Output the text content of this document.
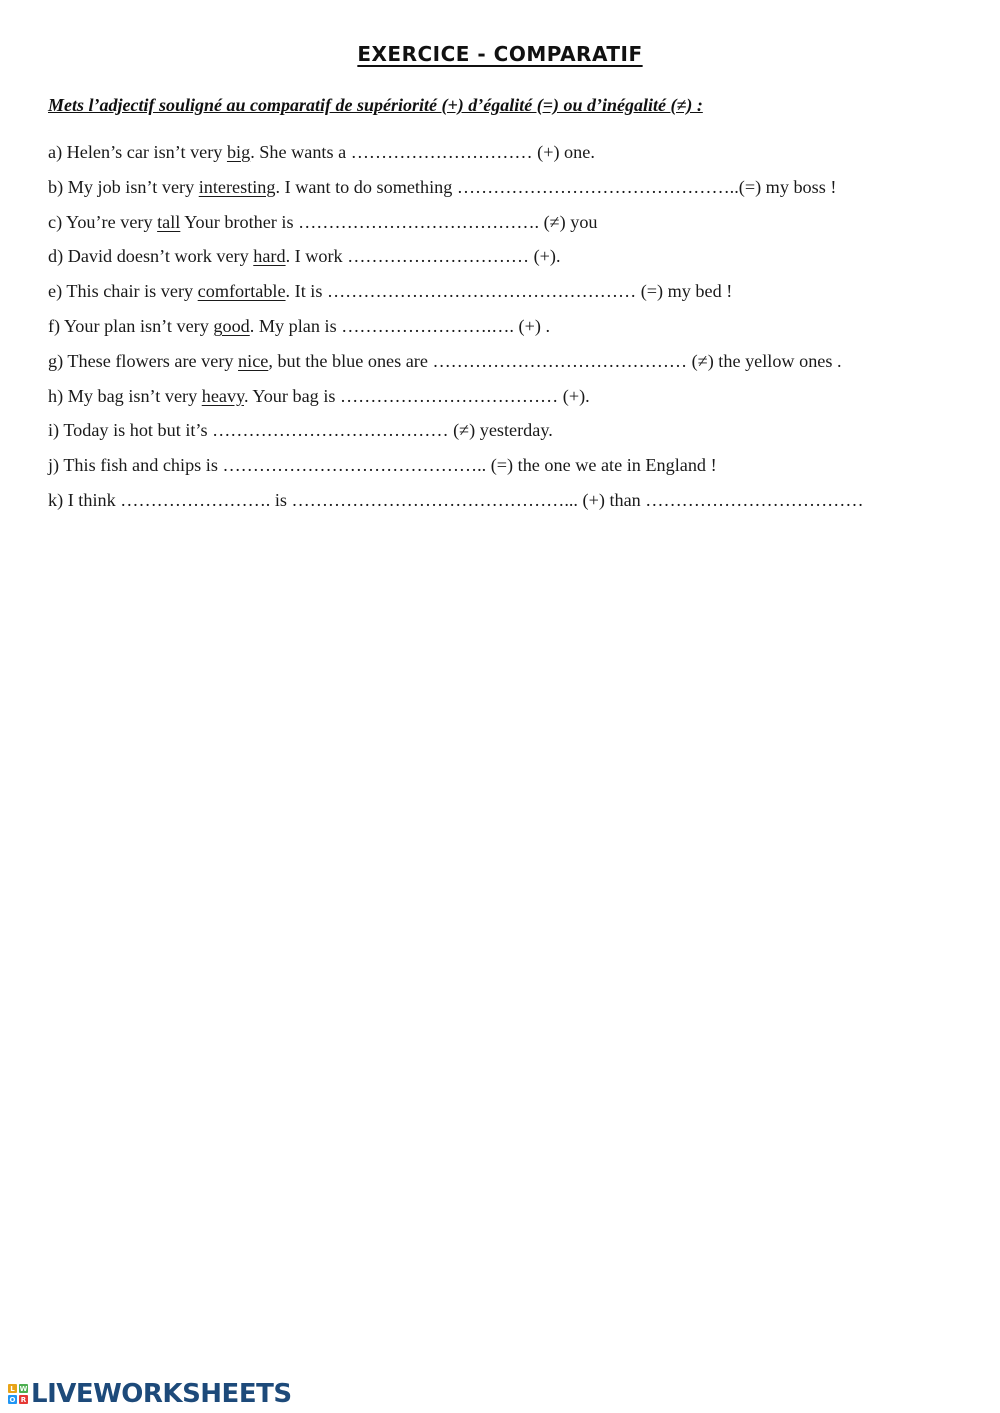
EXERCICE - COMPARATIF
Mets l’adjectif souligné au comparatif de supériorité (+) d’égalité (=) ou d’inégalité (≠) :
a) Helen’s car isn’t very big. She wants a ………………………… (+) one.
b) My job isn’t very interesting. I want to do something ………………………………………..(=) my boss !
c) You’re very tall Your brother is …………………………………. (≠) you
d) David doesn’t work very hard. I work ………………………… (+).
e) This chair is very comfortable. It is …………………………………………… (=) my bed !
f) Your plan isn’t very good. My plan is …………………….…. (+) .
g) These flowers are very nice, but the blue ones are …………………………………… (≠) the yellow ones .
h) My bag isn’t very heavy. Your bag is ……………………………… (+).
i) Today is hot but it’s ………………………………… (≠) yesterday.
j) This fish and chips is …………………………………….. (=) the one we ate in England !
k) I think ……………………. is ………………………………………... (+) than ………………………………
L W
O R LIVEWORKSHEETS
